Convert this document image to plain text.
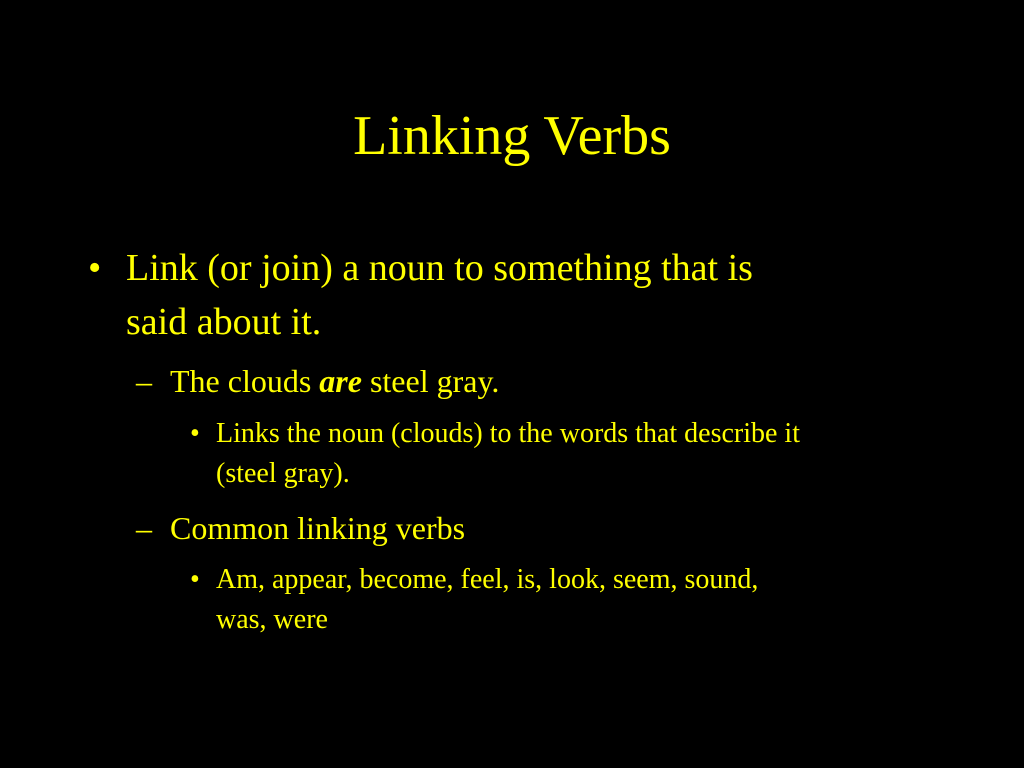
Linking Verbs
• Link (or join) a noun to something that is
said about it.
– The clouds are steel gray.
• Links the noun (clouds) to the words that describe it
(steel gray).
– Common linking verbs
• Am, appear, become, feel, is, look, seem, sound,
was, were
